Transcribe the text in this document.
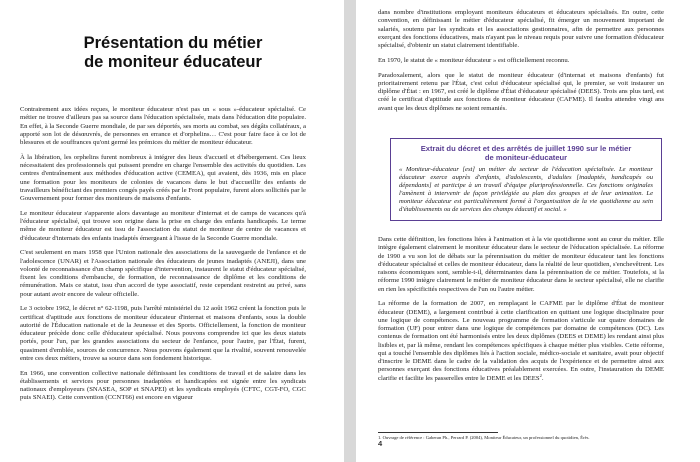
Présentation du métier
de moniteur éducateur

Contrairement aux idées reçues, le moniteur éducateur n'est pas un « sous »-éducateur spécialisé. Ce métier ne trouve d'ailleurs pas sa source dans l'éducation spécialisée, mais dans l'éducation dite populaire. En effet, à la Seconde Guerre mondiale, de par ses déportés, ses morts au combat, ses dégâts collatéraux, a apporté son lot de désœuvrés, de personnes en errance et d'orphelins… C'est pour faire face à ce lot de blessures et de souffrances qu'ont germé les prémices du métier de moniteur éducateur.

À la libération, les orphelins furent nombreux à intégrer des lieux d'accueil et d'hébergement. Ces lieux nécessitaient des professionnels qui puissent prendre en charge l'ensemble des activités du quotidien. Les centres d'entraînement aux méthodes d'éducation active (CEMEA), qui avaient, dès 1936, mis en place une formation pour les moniteurs de colonies de vacances dans le but d'accueillir des enfants de travailleurs bénéficiant des premiers congés payés créés par le Front populaire, furent alors sollicités par le Gouvernement pour former des moniteurs de maisons d'enfants.

Le moniteur éducateur s'apparente alors davantage au moniteur d'internat et de camps de vacances qu'à l'éducateur spécialisé, qui trouve son origine dans la prise en charge des enfants handicapés. Le terme même de moniteur éducateur est issu de l'association du statut de moniteur de centre de vacances et d'éducateur d'internats des enfants inadaptés émergeant à l'issue de la Seconde Guerre mondiale.

C'est seulement en mars 1958 que l'Union nationale des associations de la sauvegarde de l'enfance et de l'adolescence (UNAR) et l'Association nationale des éducateurs de jeunes inadaptés (ANEJI), dans une volonté de reconnaissance d'un champ spécifique d'intervention, instaurent le statut d'éducateur spécialisé, fixent les conditions d'embauche, de formation, de reconnaissance de diplôme et les conditions de rémunération. Mais ce statut, issu d'un accord de type associatif, reste cependant restreint au privé, sans pour autant avoir encore de valeur officielle.

Le 3 octobre 1962, le décret n° 62-1198, puis l'arrêté ministériel du 12 août 1962 créent la fonction puis le certificat d'aptitude aux fonctions de moniteur éducateur d'internat et maisons d'enfants, sous la double autorité de l'Éducation nationale et de la Jeunesse et des Sports. Officiellement, la fonction de moniteur éducateur précède donc celle d'éducateur spécialisé. Nous pouvons comprendre ici que les deux statuts portés, pour l'un, par les grandes associations du secteur de l'enfance, pour l'autre, par l'État, furent, quasiment d'emblée, sources de concurrence. Nous pouvons également que la rivalité, souvent renouvelée entre ces deux métiers, trouve sa source dans son fondement historique.

En 1966, une convention collective nationale définissant les conditions de travail et de salaire dans les établissements et services pour personnes inadaptées et handicapées est signée entre les syndicats nationaux d'employeurs (SNASEA, SOP et SNAPEI) et les syndicats employés (CFTC, CGT-FO, CGC puis SNAEI). Cette convention (CCNT66) est encore en vigueur

dans nombre d'institutions employant moniteurs éducateurs et éducateurs spécialisés. En outre, cette convention, en définissant le métier d'éducateur spécialisé, fit émerger un mouvement important de salariés, soutenu par les syndicats et les associations gestionnaires, afin de permettre aux personnes exerçant des fonctions éducatives, mais n'ayant pas le niveau requis pour suivre une formation d'éducateur spécialisé, d'obtenir un statut clairement identifiable.

En 1970, le statut de « moniteur éducateur » est officiellement reconnu.

Paradoxalement, alors que le statut de moniteur éducateur (d'internat et maisons d'enfants) fut prioritairement retenu par l'État, c'est celui d'éducateur spécialisé qui, le premier, se voit instaurer un diplôme d'État : en 1967, est créé le diplôme d'État d'éducateur spécialisé (DEES). Trois ans plus tard, est créé le certificat d'aptitude aux fonctions de moniteur éducateur (CAFME). Il faudra attendre vingt ans avant que les deux diplômes ne soient remaniés.

Extrait du décret et des arrêtés de juillet 1990 sur le métier
de moniteur-éducateur

« Moniteur-éducateur [est] un métier du secteur de l'éducation spécialisée. Le moniteur éducateur exerce auprès d'enfants, d'adolescents, d'adultes [inadaptés, handicapés ou dépendants] et participe à un travail d'équipe pluriprofessionnelle. Ces fonctions originales l'amènent à intervenir de façon privilégiée au plan des groupes et de leur animation. Le moniteur éducateur est particulièrement formé à l'organisation de la vie quotidienne au sein d'établissements ou de services des champs éducatif et social. »

Dans cette définition, les fonctions liées à l'animation et à la vie quotidienne sont au cœur du métier. Elle intègre également clairement le moniteur éducateur dans le secteur de l'éducation spécialisée. La réforme de 1990 a vu son lot de débats sur la pérennisation du métier de moniteur éducateur tant les fonctions d'éducateur spécialisé et celles de moniteur éducateur, dans la réalité de leur quotidien, s'enchevêtrent. Les raisons économiques sont, semble-t-il, déterminantes dans la pérennisation de ce métier. Toutefois, si la réforme 1990 intègre clairement le métier de moniteur éducateur dans le secteur spécialisé, elle ne clarifie en rien les spécificités respectives de l'un ou l'autre métier.

La réforme de la formation de 2007, en remplaçant le CAFME par le diplôme d'État de moniteur éducateur (DEME), a largement contribué à cette clarification en quittant une logique disciplinaire pour une logique de compétences. Le nouveau programme de formation s'articule sur quatre domaines de formation (UF) pour entrer dans une logique de compétences par domaine de compétences (DC). Les contenus de formation ont été harmonisés entre les deux diplômes (DEES et DEME) les rendant ainsi plus lisibles et, par là même, rendant les compétences spécifiques à chaque métier plus visibles. Cette réforme, qui a touché l'ensemble des diplômes liés à l'action sociale, médico-sociale et sanitaire, avait pour objectif d'inscrire le DEME dans le cadre de la validation des acquis de l'expérience et de permettre ainsi aux personnes exerçant des fonctions éducatives préalablement exercées. En outre, l'instauration du DEME clarifie et facilite les passerelles entre le DEME et les DEES$^2$.

1. Ouvrage de référence : Gaberan Ph., Perrard P. (2004), Moniteur Éducateur, un professionnel du quotidien, Érès.
4
